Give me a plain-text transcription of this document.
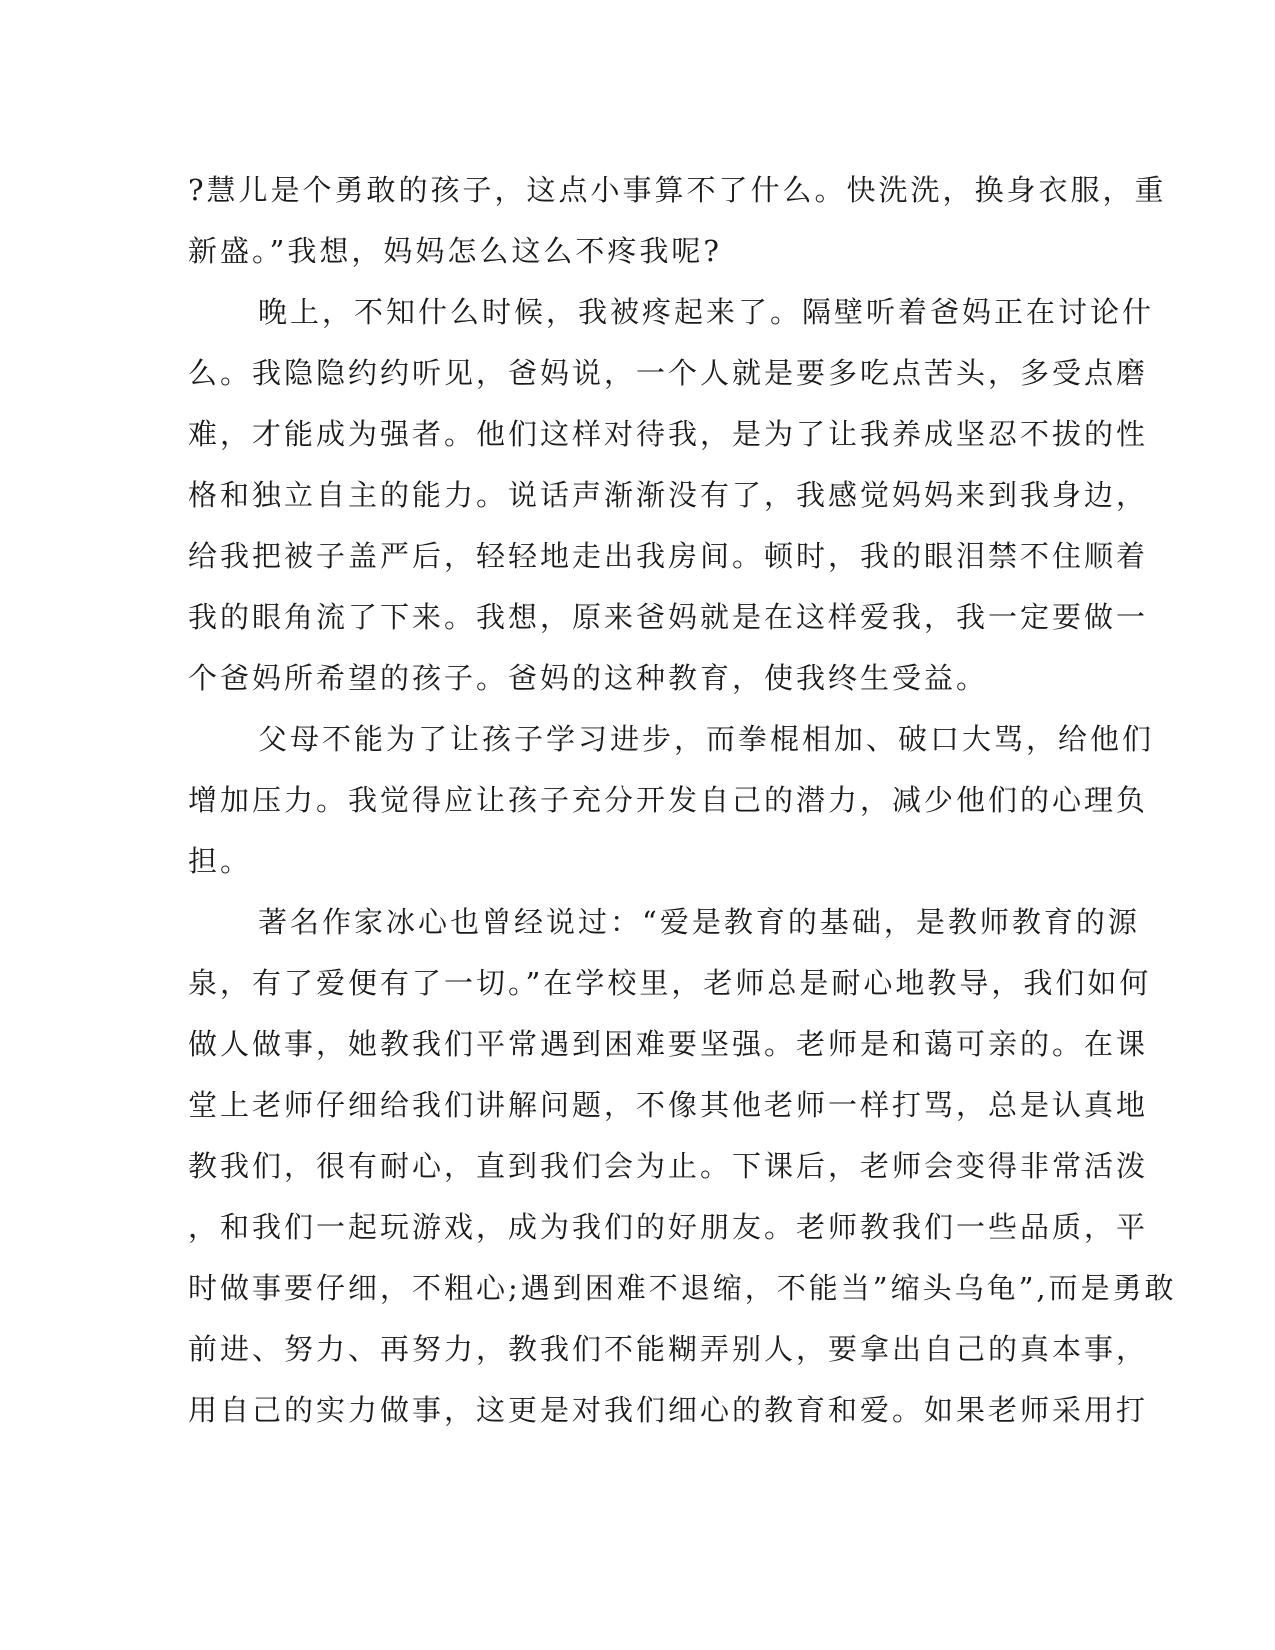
?慧儿是个勇敢的孩子，这点小事算不了什么。快洗洗，换身衣服，重
新盛。”我想，妈妈怎么这么不疼我呢?
晚上，不知什么时候，我被疼起来了。隔壁听着爸妈正在讨论什
么。我隐隐约约听见，爸妈说，一个人就是要多吃点苦头，多受点磨
难，才能成为强者。他们这样对待我，是为了让我养成坚忍不拔的性
格和独立自主的能力。说话声渐渐没有了，我感觉妈妈来到我身边，
给我把被子盖严后，轻轻地走出我房间。顿时，我的眼泪禁不住顺着
我的眼角流了下来。我想，原来爸妈就是在这样爱我，我一定要做一
个爸妈所希望的孩子。爸妈的这种教育，使我终生受益。
父母不能为了让孩子学习进步，而拳棍相加、破口大骂，给他们
增加压力。我觉得应让孩子充分开发自己的潜力，减少他们的心理负
担。
著名作家冰心也曾经说过：“爱是教育的基础，是教师教育的源
泉，有了爱便有了一切。”在学校里，老师总是耐心地教导，我们如何
做人做事，她教我们平常遇到困难要坚强。老师是和蔼可亲的。在课
堂上老师仔细给我们讲解问题，不像其他老师一样打骂，总是认真地
教我们，很有耐心，直到我们会为止。下课后，老师会变得非常活泼
，和我们一起玩游戏，成为我们的好朋友。老师教我们一些品质，平
时做事要仔细，不粗心;遇到困难不退缩，不能当”缩头乌龟”,而是勇敢
前进、努力、再努力，教我们不能糊弄别人，要拿出自己的真本事，
用自己的实力做事，这更是对我们细心的教育和爱。如果老师采用打
